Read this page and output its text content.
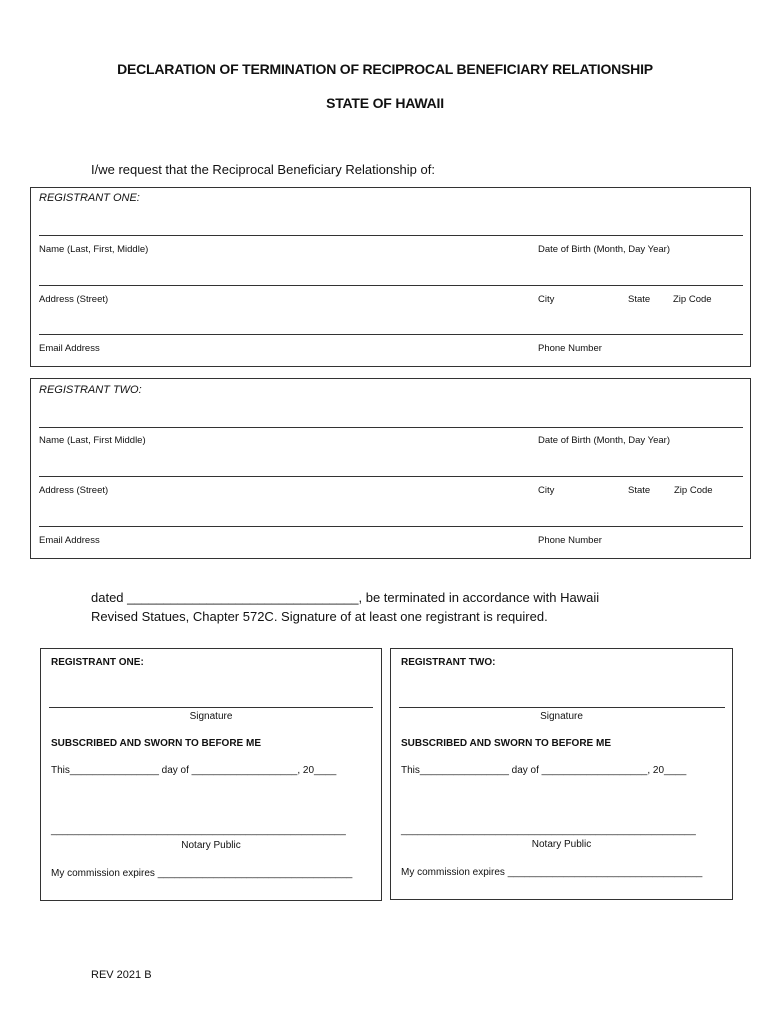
DECLARATION OF TERMINATION OF RECIPROCAL BENEFICIARY RELATIONSHIP
STATE OF HAWAII
I/we request that the Reciprocal Beneficiary Relationship of:
REGISTRANT ONE:
Name (Last, First, Middle)	Date of Birth (Month, Day Year)
Address (Street)	City	State Zip Code
Email Address	Phone Number
REGISTRANT TWO:
Name (Last, First Middle)	Date of Birth (Month, Day Year)
Address (Street)	City	State	Zip Code
Email Address	Phone Number
dated ________________________________, be terminated in accordance with Hawaii
Revised Statues, Chapter 572C. Signature of at least one registrant is required.
REGISTRANT ONE:
Signature
SUBSCRIBED AND SWORN TO BEFORE ME
This________________ day of ___________________, 20____
_____________________________________________________
Notary Public
My commission expires ___________________________________
REGISTRANT TWO:
Signature
SUBSCRIBED AND SWORN TO BEFORE ME
This________________ day of ___________________, 20____
_____________________________________________________
Notary Public
My commission expires ___________________________________
REV 2021 B
